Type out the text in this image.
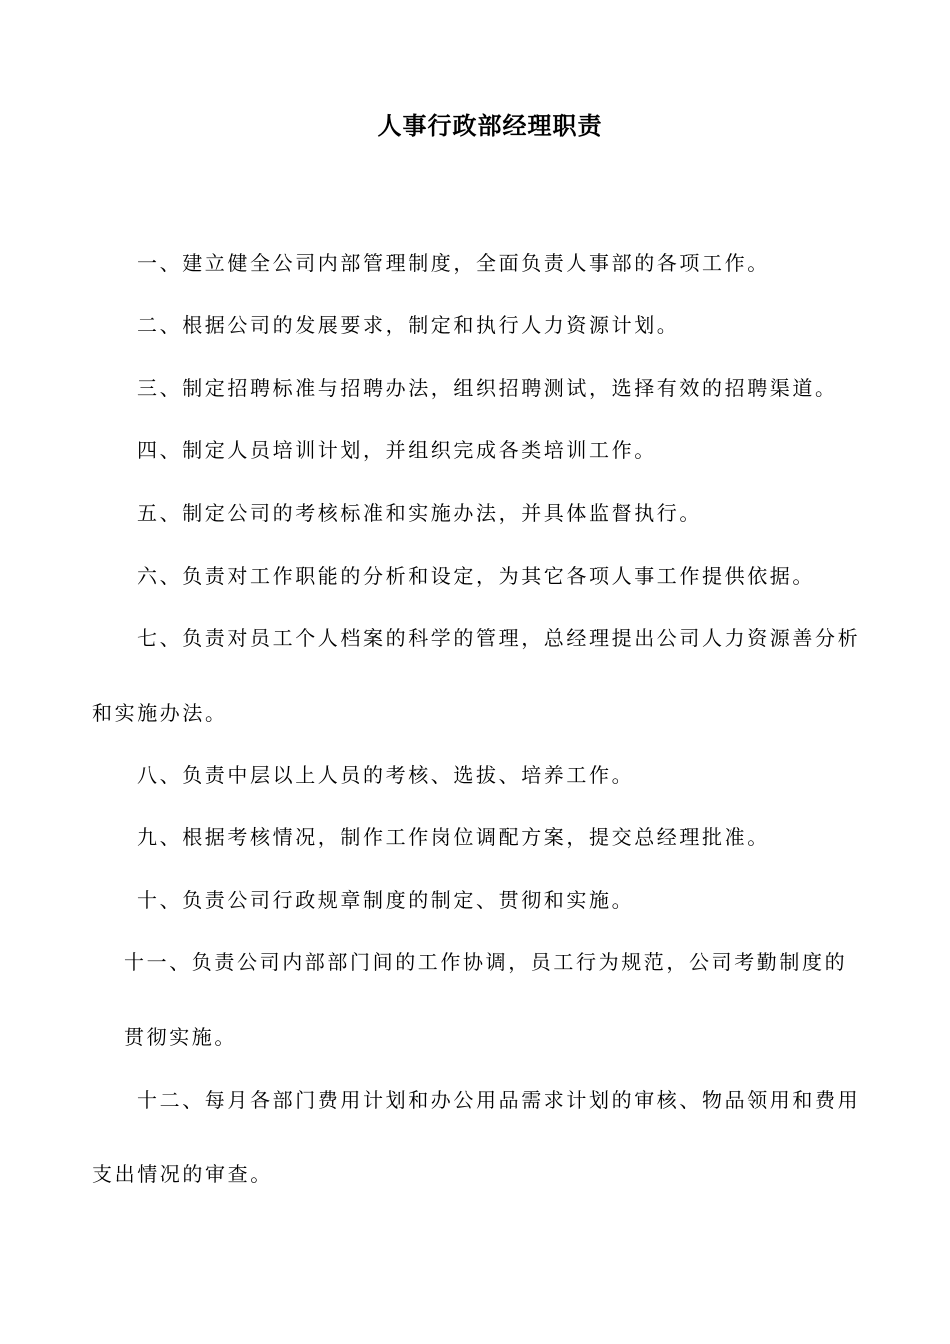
人事行政部经理职责
一、建立健全公司内部管理制度，全面负责人事部的各项工作。
二、根据公司的发展要求，制定和执行人力资源计划。
三、制定招聘标准与招聘办法，组织招聘测试，选择有效的招聘渠道。
四、制定人员培训计划，并组织完成各类培训工作。
五、制定公司的考核标准和实施办法，并具体监督执行。
六、负责对工作职能的分析和设定，为其它各项人事工作提供依据。
七、负责对员工个人档案的科学的管理，总经理提出公司人力资源善分析
和实施办法。
八、负责中层以上人员的考核、选拔、培养工作。
九、根据考核情况，制作工作岗位调配方案，提交总经理批准。
十、负责公司行政规章制度的制定、贯彻和实施。
十一、负责公司内部部门间的工作协调，员工行为规范，公司考勤制度的
贯彻实施。
十二、每月各部门费用计划和办公用品需求计划的审核、物品领用和费用
支出情况的审查。
